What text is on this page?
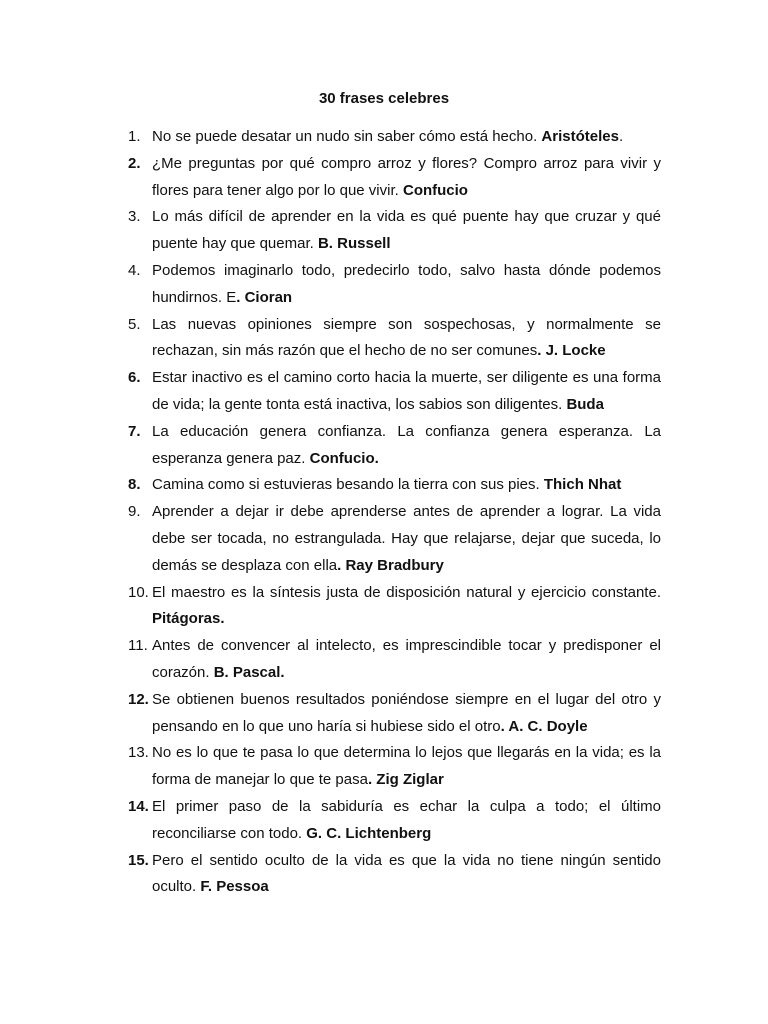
30 frases celebres
1. No se puede desatar un nudo sin saber cómo está hecho. Aristóteles.
2. ¿Me preguntas por qué compro arroz y flores? Compro arroz para vivir y flores para tener algo por lo que vivir. Confucio
3. Lo más difícil de aprender en la vida es qué puente hay que cruzar y qué puente hay que quemar. B. Russell
4. Podemos imaginarlo todo, predecirlo todo, salvo hasta dónde podemos hundirnos. E. Cioran
5. Las nuevas opiniones siempre son sospechosas, y normalmente se rechazan, sin más razón que el hecho de no ser comunes. J. Locke
6. Estar inactivo es el camino corto hacia la muerte, ser diligente es una forma de vida; la gente tonta está inactiva, los sabios son diligentes. Buda
7. La educación genera confianza. La confianza genera esperanza. La esperanza genera paz. Confucio.
8. Camina como si estuvieras besando la tierra con sus pies. Thich Nhat
9. Aprender a dejar ir debe aprenderse antes de aprender a lograr. La vida debe ser tocada, no estrangulada. Hay que relajarse, dejar que suceda, lo demás se desplaza con ella. Ray Bradbury
10. El maestro es la síntesis justa de disposición natural y ejercicio constante. Pitágoras.
11. Antes de convencer al intelecto, es imprescindible tocar y predisponer el corazón. B. Pascal.
12. Se obtienen buenos resultados poniéndose siempre en el lugar del otro y pensando en lo que uno haría si hubiese sido el otro. A. C. Doyle
13. No es lo que te pasa lo que determina lo lejos que llegarás en la vida; es la forma de manejar lo que te pasa. Zig Ziglar
14. El primer paso de la sabiduría es echar la culpa a todo; el último reconciliarse con todo. G. C. Lichtenberg
15. Pero el sentido oculto de la vida es que la vida no tiene ningún sentido oculto. F. Pessoa
